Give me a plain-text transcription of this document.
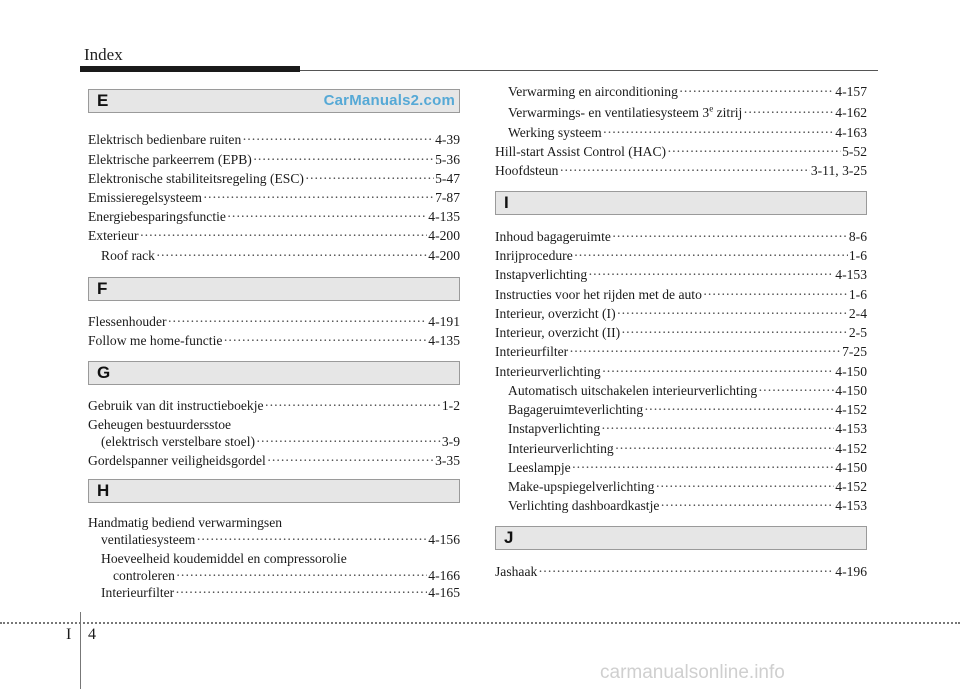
Index
E	CarManuals2.com
Elektrisch bedienbare ruiten ·····	4-39
Elektrische parkeerrem (EPB) ·····	5-36
Elektronische stabiliteitsregeling (ESC) ·····	5-47
Emissieregelsysteem ·····	7-87
Energiebesparingsfunctie ·····	4-135
Exterieur ·····	4-200
Roof rack ·····	4-200
F
Flessenhouder ·····	4-191
Follow me home-functie ·····	4-135
G
Gebruik van dit instructieboekje ·····	1-2
Geheugen bestuurdersstoe
(elektrisch verstelbare stoel) ·····	3-9
Gordelspanner veiligheidsgordel ·····	3-35
H
Handmatig bediend verwarmingsen
ventilatiesysteem ·····	4-156
Hoeveelheid koudemiddel en compressorolie
controleren ·····	4-166
Interieurfilter ·····	4-165
Verwarming en airconditioning ·····	4-157
Verwarmings- en ventilatiesysteem 3e zitrij ·····	4-162
Werking systeem ·····	4-163
Hill-start Assist Control (HAC) ·····	5-52
Hoofdsteun ·····	3-11, 3-25
I
Inhoud bagageruimte ·····	8-6
Inrijprocedure ·····	1-6
Instapverlichting ·····	4-153
Instructies voor het rijden met de auto ·····	1-6
Interieur, overzicht (I) ·····	2-4
Interieur, overzicht (II) ·····	2-5
Interieurfilter ·····	7-25
Interieurverlichting ·····	4-150
Automatisch uitschakelen interieurverlichting ·····	4-150
Bagageruimteverlichting ·····	4-152
Instapverlichting ·····	4-153
Interieurverlichting ·····	4-152
Leeslampje ·····	4-150
Make-upspiegelverlichting ·····	4-152
Verlichting dashboardkastje ·····	4-153
J
Jashaak ·····	4-196
I 4
carmanualsonline.info
